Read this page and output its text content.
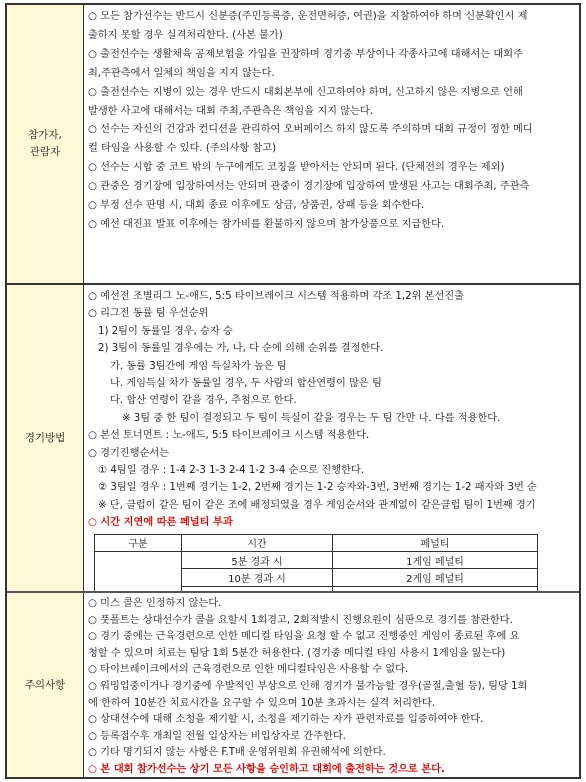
참가자,
관람자
○ 모든 참가선수는 반드시 신분증(주민등록증, 운전면허증, 여권)을 지참하여야 하며 신분확인시 제
출하지 못할 경우 실격처리한다. (사본 불가)
○ 출전선수는 생활체육 공제보험을 가입을 권장하며 경기중 부상이나 각종사고에 대해서는 대회주
최,주관측에서 일체의 책임을 지지 않는다.
○ 출전선수는 지병이 있는 경우 반드시 대회본부에 신고하여야 하며, 신고하지 않은 지병으로 인해
발생한 사고에 대해서는 대회 주최,주관측은 책임을 지지 않는다.
○ 선수는 자신의 건강과 컨디션을 관리하여 오버페이스 하지 않도록 주의하며 대회 규정이 정한 메디
컬 타임을 사용할 수 있다. (주의사항 참고)
○ 선수는 시합 중 코트 밖의 누구에게도 코칭을 받아서는 안되며 된다. (단체전의 경우는 제외)
○ 관중은 경기장에 입장하여서는 안되며 관중이 경기장에 입장하여 발생된 사고는 대회주최, 주관측
○ 부정 선수 판명 시, 대회 종료 이후에도 상금, 상품권, 상패 등을 회수한다.
○ 예선 대진표 발표 이후에는 참가비를 환불하지 않으며 참가상품으로 지급한다.
경기방법
○ 예선전 조별리그 노-애드, 5:5 타이브레이크 시스템 적용하며 각조 1,2위 본선진출
○ 리그전 동률 팀 우선순위
1) 2팀이 동률일 경우, 승자 승
2) 3팀이 동률일 경우에는 가, 나, 다 순에 의해 순위를 결정한다.
가. 동률 3팀간에 게임 득실차가 높은 팀
나. 게임득실 차가 동률일 경우, 두 사람의 합산연령이 많은 팀
다. 합산 연령이 같을 경우, 추첨으로 한다.
※ 3팀 중 한 팀이 결정되고 두 팀이 득실이 같을 경우는 두 팀 간만 나. 다를 적용한다.
○ 본선 토너먼트 : 노-애드, 5:5 타이브레이크 시스템 적용한다.
○ 경기진행순서는
① 4팀일 경우 : 1-4 2-3 1-3 2-4 1-2 3-4 순으로 진행한다.
② 3팀일 경우 : 1번째 경기는 1-2, 2번째 경기는 1-2 승자와-3번, 3번째 경기는 1-2 패자와 3번 순
※ 단, 클럽이 같은 팀이 같은 조에 배정되었을 경우 게임순서와 관계없이 같은클럽 팀이 1번째 경기
○ 시간 지연에 따른 페널티 부과
구분	시간	페널티
	5분 경과 시	1게임 페널티
	10분 경과 시	2게임 페널티

주의사항
○ 미스 콜은 인정하지 않는다.
○ 풋폴트는 상대선수가 콜을 요할시 1회경고, 2회적발시 진행요원이 심판으로 경기를 참관한다.
○ 경기 중에는 근육경련으로 인한 메디컬 타임을 요청 할 수 없고 진행중인 게임이 종료된 후에 요
청할 수 있으며 치료는 팀당 1회 5분간 허용한다. (경기중 메디컬 타임 사용시 1게임을 잃는다)
○ 타이브레이크에서의 근육경련으로 인한 메디컬타임은 사용할 수 없다.
○ 워밍업중이거나 경기중에 우발적인 부상으로 인해 경기가 불가능할 경우(골절,출혈 등), 팀당 1회
에 한하여 10분간 치료시간을 요구할 수 있으며 10분 초과시는 실격 처리한다.
○ 상대선수에 대해 소청을 제기할 시, 소청을 제기하는 자가 관련자료를 입증하여야 한다.
○ 등록접수후 개최일 전월 입상자는 비입상자로 간주한다.
○ 기타 명기되지 않는 사항은 F.T배 운영위원회 유권해석에 의한다.
○ 본 대회 참가선수는 상기 모든 사항을 승인하고 대회에 출전하는 것으로 본다.
